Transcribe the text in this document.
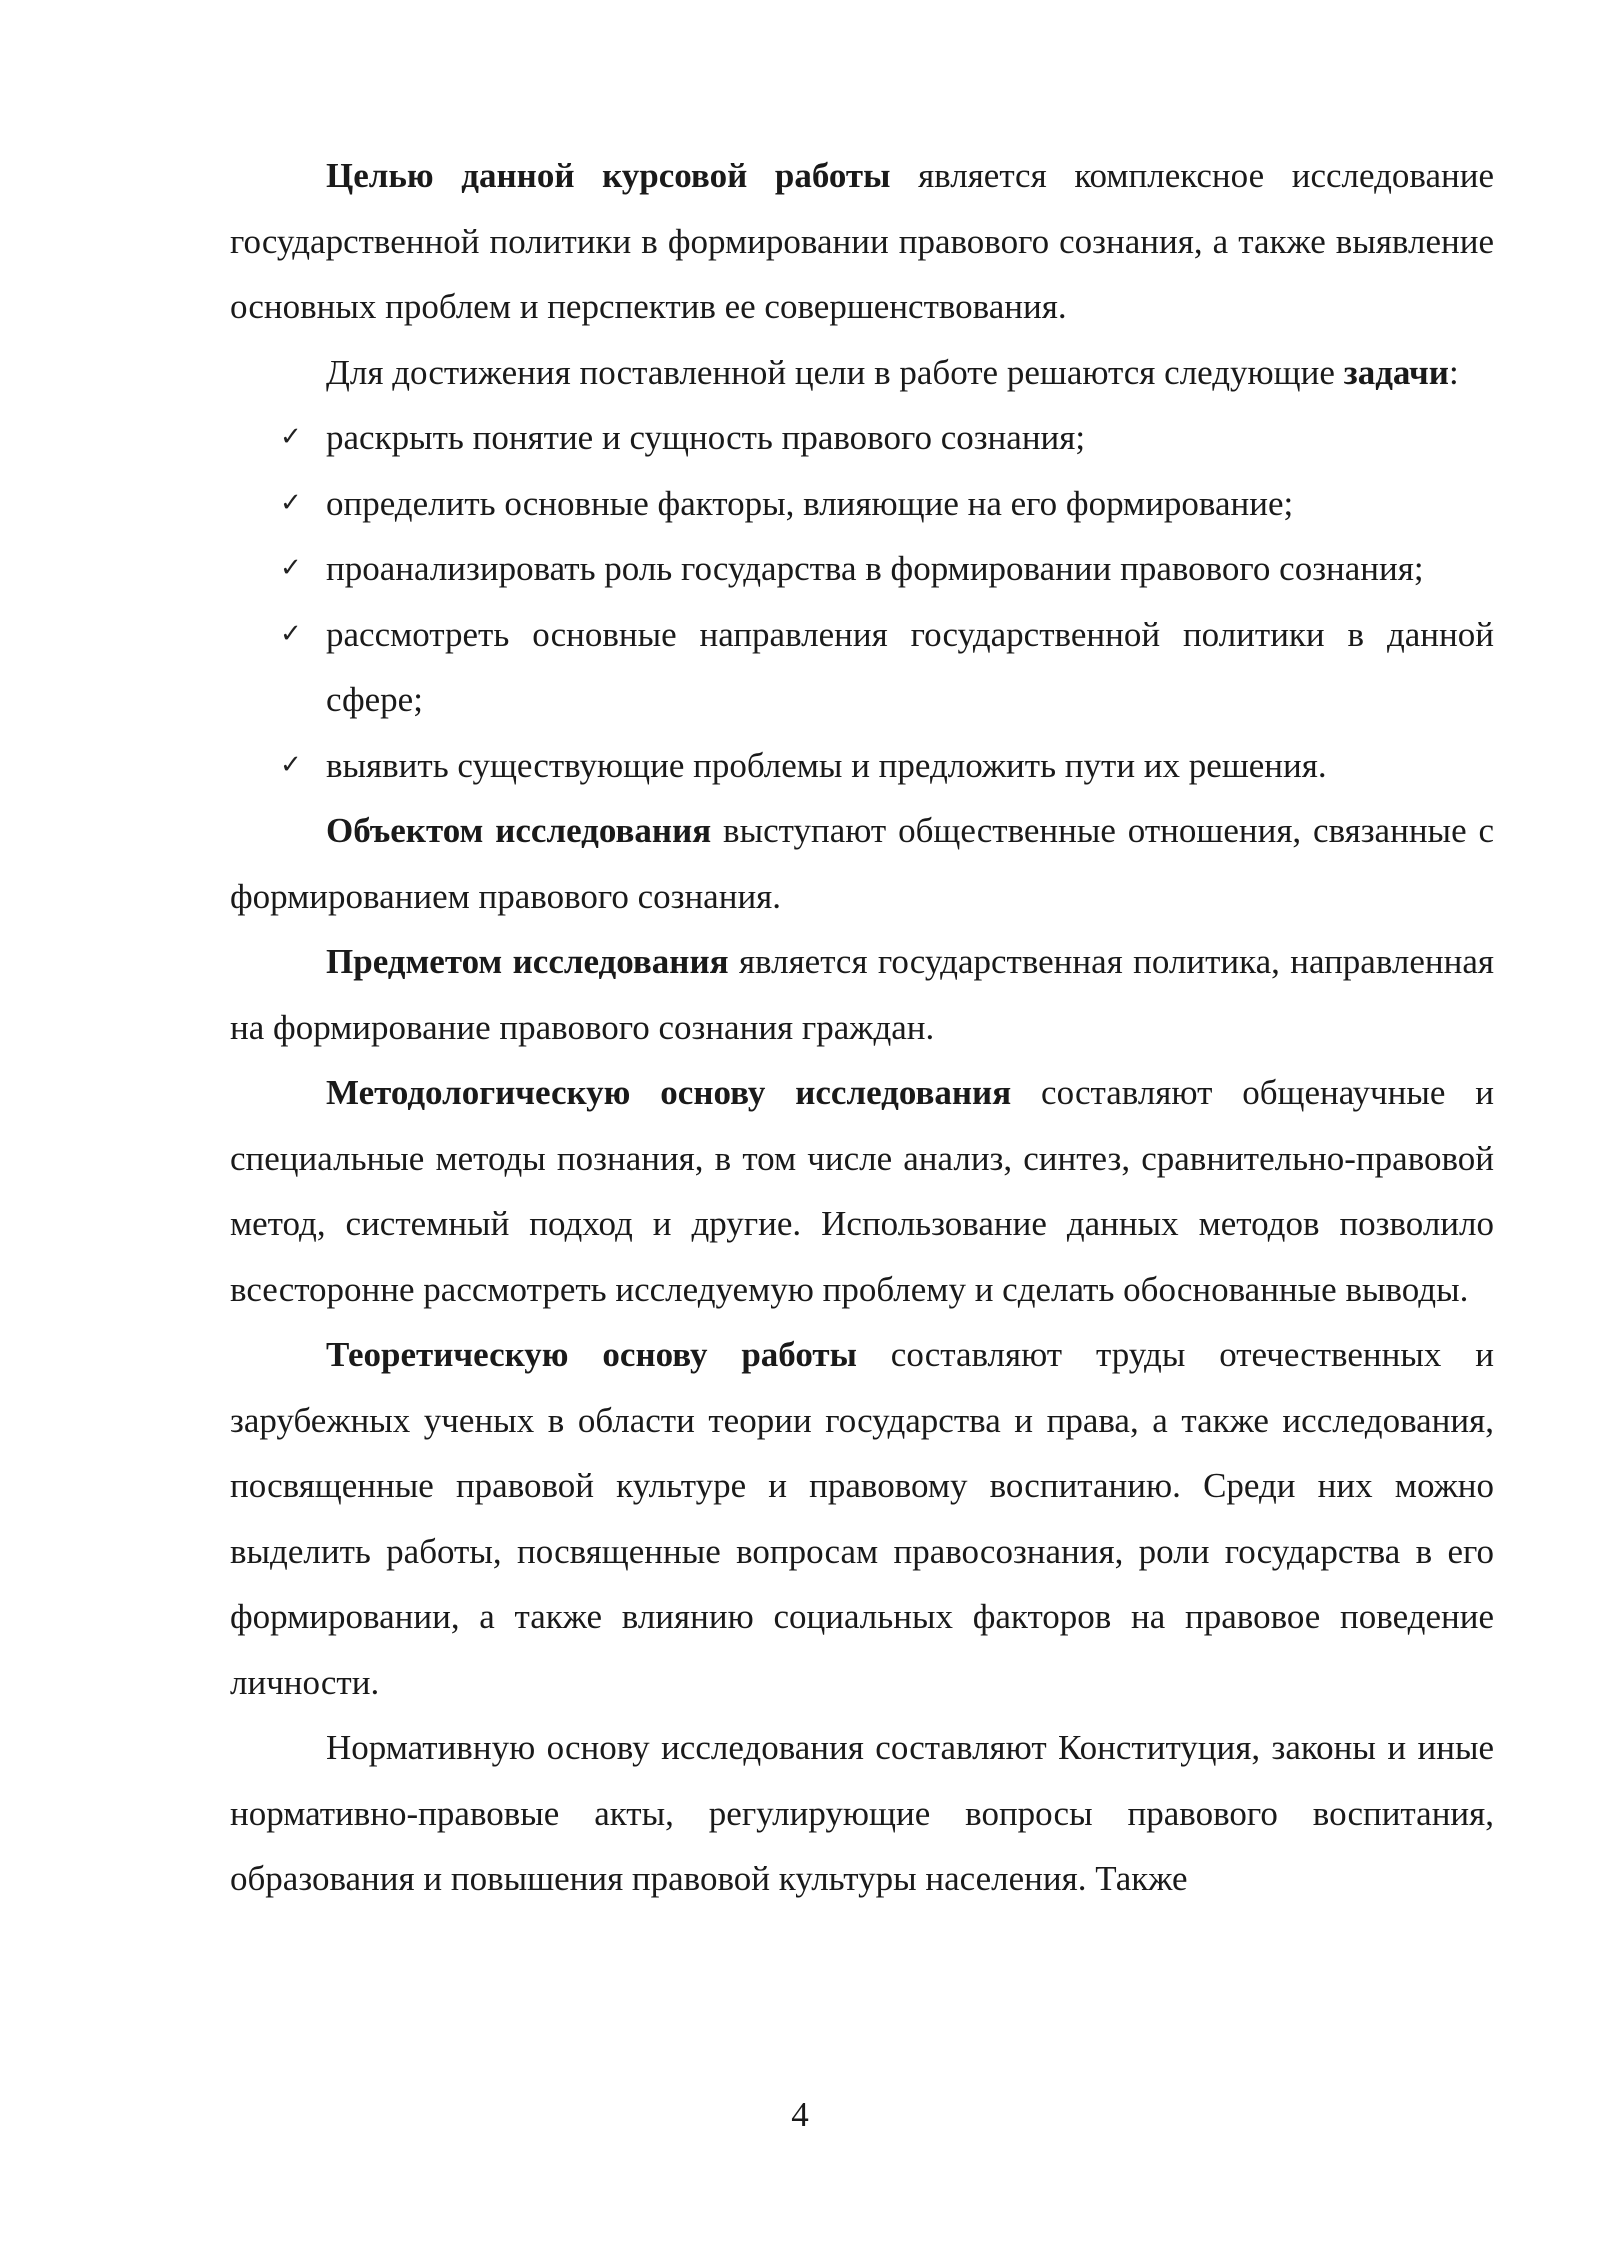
Целью данной курсовой работы является комплексное исследование государственной политики в формировании правового сознания, а также выявление основных проблем и перспектив ее совершенствования.

Для достижения поставленной цели в работе решаются следующие задачи:

✓ раскрыть понятие и сущность правового сознания;
✓ определить основные факторы, влияющие на его формирование;
✓ проанализировать роль государства в формировании правового сознания;
✓ рассмотреть основные направления государственной политики в данной сфере;
✓ выявить существующие проблемы и предложить пути их решения.

Объектом исследования выступают общественные отношения, связанные с формированием правового сознания.

Предметом исследования является государственная политика, направленная на формирование правового сознания граждан.

Методологическую основу исследования составляют общенаучные и специальные методы познания, в том числе анализ, синтез, сравнительно-правовой метод, системный подход и другие. Использование данных методов позволило всесторонне рассмотреть исследуемую проблему и сделать обоснованные выводы.

Теоретическую основу работы составляют труды отечественных и зарубежных ученых в области теории государства и права, а также исследования, посвященные правовой культуре и правовому воспитанию. Среди них можно выделить работы, посвященные вопросам правосознания, роли государства в его формировании, а также влиянию социальных факторов на правовое поведение личности.

Нормативную основу исследования составляют Конституция, законы и иные нормативно-правовые акты, регулирующие вопросы правового воспитания, образования и повышения правовой культуры населения. Также

4
